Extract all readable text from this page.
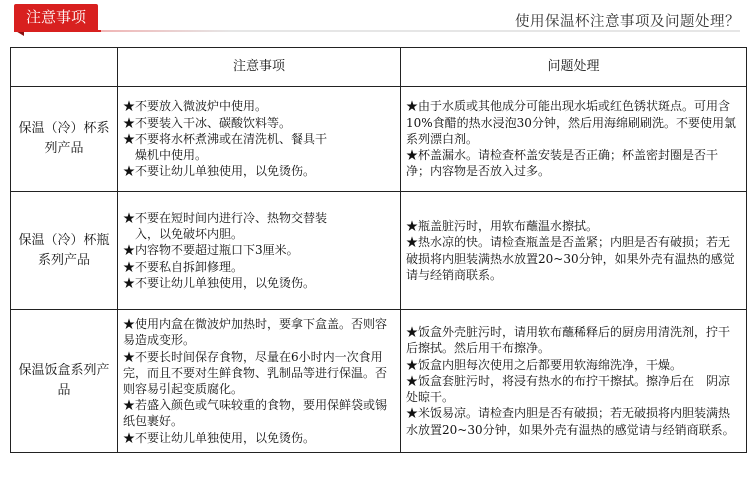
注意事项	使用保温杯注意事项及问题处理？
	注意事项	问题处理
保温（冷）杯系列产品	★不要放入微波炉中使用。
★不要装入干冰、碳酸饮料等。
★不要将水杯煮沸或在清洗机、餐具干
燥机中使用。
★不要让幼儿单独使用，以免烫伤。	★由于水质或其他成分可能出现水垢或红色锈状斑点。可用含10%食醋的热水浸泡30分钟，然后用海绵刷刷洗。不要使用氯系列漂白剂。
★杯盖漏水。请检查杯盖安装是否正确；杯盖密封圈是否干净；内容物是否放入过多。

保温（冷）杯瓶系列产品	★不要在短时间内进行冷、热物交替装
入，以免破坏内胆。
★内容物不要超过瓶口下3厘米。
★不要私自拆卸修理。
★不要让幼儿单独使用，以免烫伤。	★瓶盖脏污时，用软布蘸温水擦拭。
★热水凉的快。请检查瓶盖是否盖紧；内胆是否有破损；若无破损将内胆装满热水放置20~30分钟，如果外壳有温热的感觉请与经销商联系。

保温饭盒系列产品	★使用内盒在微波炉加热时，要拿下盒盖。否则容易造成变形。
★不要长时间保存食物，尽量在6小时内一次食用完，而且不要对生鲜食物、乳制品等进行保温。否则容易引起变质腐化。
★若盛入颜色或气味较重的食物，要用保鲜袋或锡纸包裹好。
★不要让幼儿单独使用，以免烫伤。	★饭盒外壳脏污时，请用软布蘸稀释后的厨房用清洗剂，拧干后擦拭。然后用干布擦净。
★饭盒内胆每次使用之后都要用软海绵洗净，干燥。
★饭盒套脏污时，将浸有热水的布拧干擦拭。擦净后在　阴凉处晾干。
★米饭易凉。请检查内胆是否有破损；若无破损将内胆装满热水放置20~30分钟，如果外壳有温热的感觉请与经销商联系。
